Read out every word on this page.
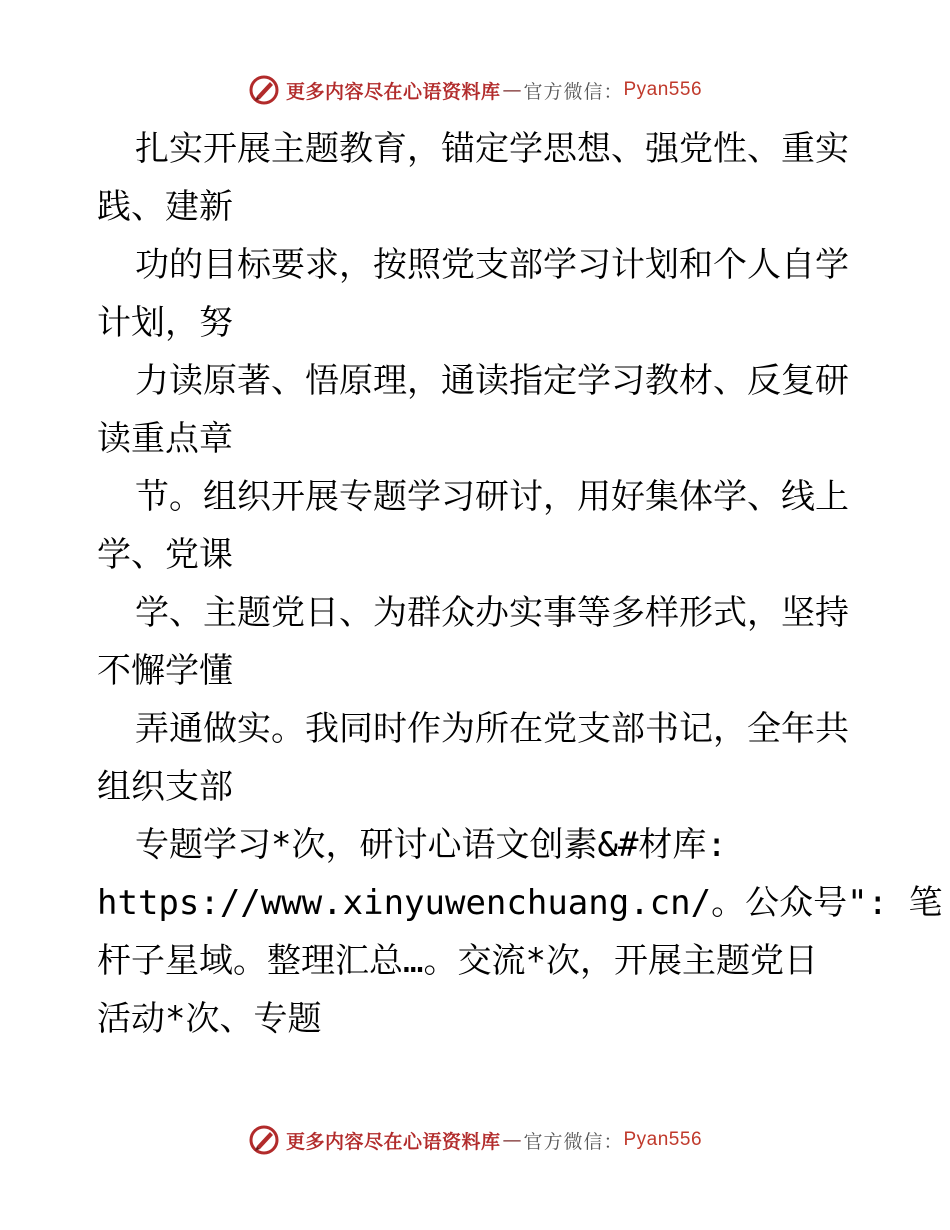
更多内容尽在心语资料库 — 官方微信： Pyan556
扎实开展主题教育，锚定学思想、强党性、重实
践、建新
功的目标要求，按照党支部学习计划和个人自学
计划，努
力读原著、悟原理，通读指定学习教材、反复研
读重点章
节。组织开展专题学习研讨，用好集体学、线上
学、党课
学、主题党日、为群众办实事等多样形式，坚持
不懈学懂
弄通做实。我同时作为所在党支部书记，全年共
组织支部
专题学习*次，研讨心语文创素&#材库:
https://www.xinyuwenchuang.cn/。公众号": 笔
杆子星域。整理汇总…。交流*次，开展主题党日
活动*次、专题
更多内容尽在心语资料库 — 官方微信： Pyan556
